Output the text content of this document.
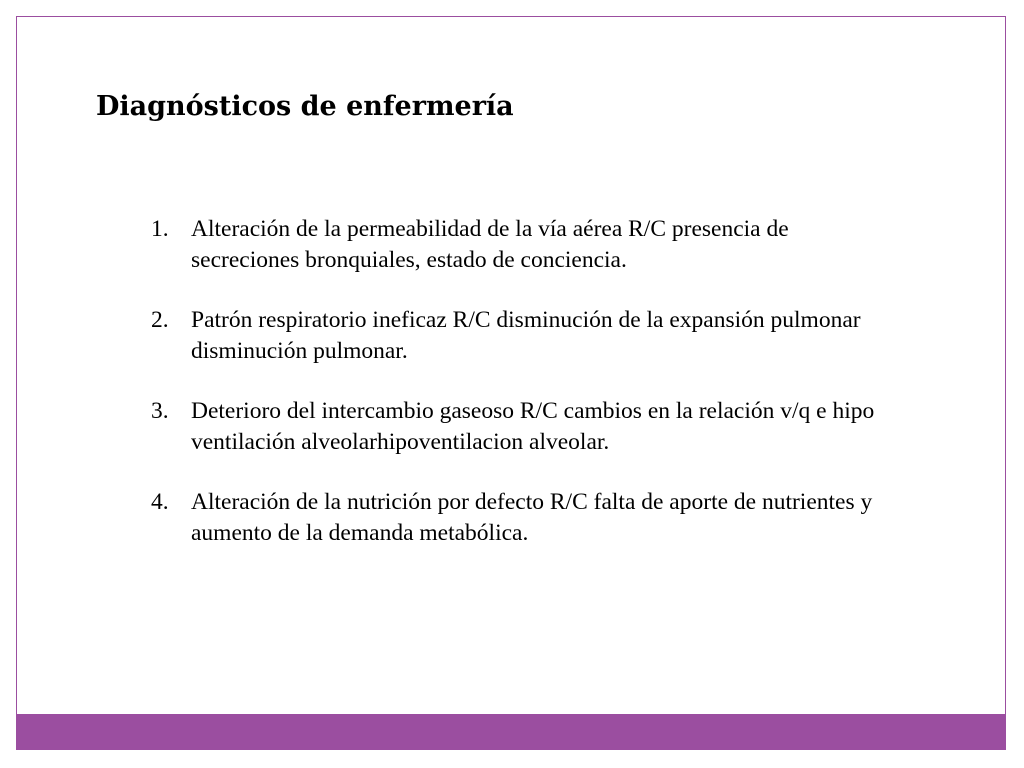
Diagnósticos de enfermería
1. Alteración de la permeabilidad de la vía aérea R/C presencia de secreciones bronquiales, estado de conciencia.
2. Patrón respiratorio ineficaz R/C disminución de la expansión pulmonar disminución pulmonar.
3. Deterioro del intercambio gaseoso R/C cambios en la relación v/q e hipo ventilación alveolarhipoventilacion alveolar.
4. Alteración de la nutrición por defecto R/C falta de aporte de nutrientes y aumento de la demanda metabólica.
